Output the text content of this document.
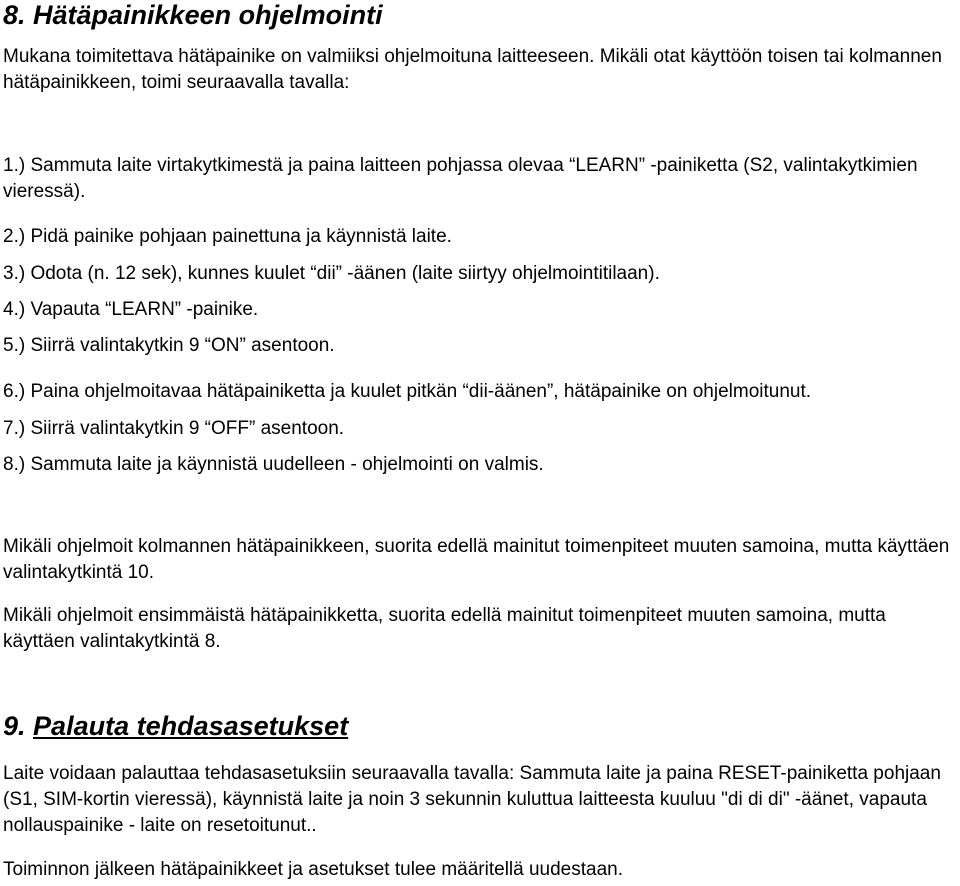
8. Hätäpainikkeen ohjelmointi

Mukana toimitettava hätäpainike on valmiiksi ohjelmoituna laitteeseen. Mikäli otat käyttöön toisen tai kolmannen hätäpainikkeen, toimi seuraavalla tavalla:

1.) Sammuta laite virtakytkimestä ja paina laitteen pohjassa olevaa “LEARN” -painiketta (S2, valintakytkimien vieressä).

2.) Pidä painike pohjaan painettuna ja käynnistä laite.

3.) Odota (n. 12 sek), kunnes kuulet “dii” -äänen (laite siirtyy ohjelmointitilaan).

4.) Vapauta “LEARN” -painike.

5.) Siirrä valintakytkin 9 “ON” asentoon.

6.) Paina ohjelmoitavaa hätäpainiketta ja kuulet pitkän “dii-äänen”, hätäpainike on ohjelmoitunut.

7.) Siirrä valintakytkin 9 “OFF” asentoon.

8.) Sammuta laite ja käynnistä uudelleen - ohjelmointi on valmis.

Mikäli ohjelmoit kolmannen hätäpainikkeen, suorita edellä mainitut toimenpiteet muuten samoina, mutta käyttäen valintakytkintä 10.

Mikäli ohjelmoit ensimmäistä hätäpainikketta, suorita edellä mainitut toimenpiteet muuten samoina, mutta käyttäen valintakytkintä 8.

9. Palauta tehdasasetukset

Laite voidaan palauttaa tehdasasetuksiin seuraavalla tavalla: Sammuta laite ja paina RESET-painiketta pohjaan (S1, SIM-kortin vieressä), käynnistä laite ja noin 3 sekunnin kuluttua laitteesta kuuluu "di di di" -äänet, vapauta nollauspainike - laite on resetoitunut..

Toiminnon jälkeen hätäpainikkeet ja asetukset tulee määritellä uudestaan.
